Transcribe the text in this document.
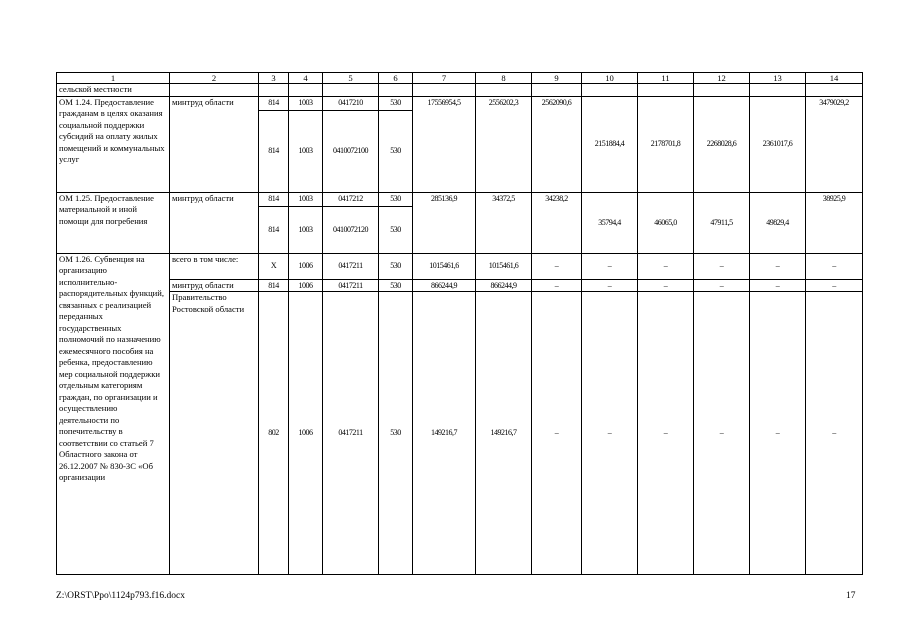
1	2	3	4	5	6	7	8	9	10	11	12	13	14
сельской местности													
ОМ 1.24. Предоставление гражданам в целях оказания социальной поддержки субсидий на оплату жилых помещений и коммунальных услуг	минтруд области	814	1003	0417210	530	17556954,5	2556202,3	2562090,6	2151884,4	2178701,8	2268028,6	2361017,6	3479029,2
		814	1003	0410072100	530								
ОМ 1.25. Предоставление материальной и иной помощи для погребения	минтруд области	814	1003	0417212	530	285136,9	34372,5	34238,2	35794,4	46065,0	47911,5	49829,4	38925,9
		814	1003	0410072120	530								
ОМ 1.26. Субвенция на организацию исполнительно-распорядительных функций, связанных с реализацией переданных государственных полномочий по назначению ежемесячного пособия на ребенка, предоставлению мер социальной поддержки отдельным категориям граждан, по организации и осуществлению деятельности по попечительству в соответствии со статьей 7 Областного закона от 26.12.2007 № 830-ЗС «Об организации	всего в том числе:	Х	1006	0417211	530	1015461,6	1015461,6	–	–	–	–	–	–
	минтруд области	814	1006	0417211	530	866244,9	866244,9	–	–	–	–	–	–
	Правительство Ростовской области	802	1006	0417211	530	149216,7	149216,7	–	–	–	–	–	–
Z:\ORST\Ppo\1124p793.f16.docx	17
